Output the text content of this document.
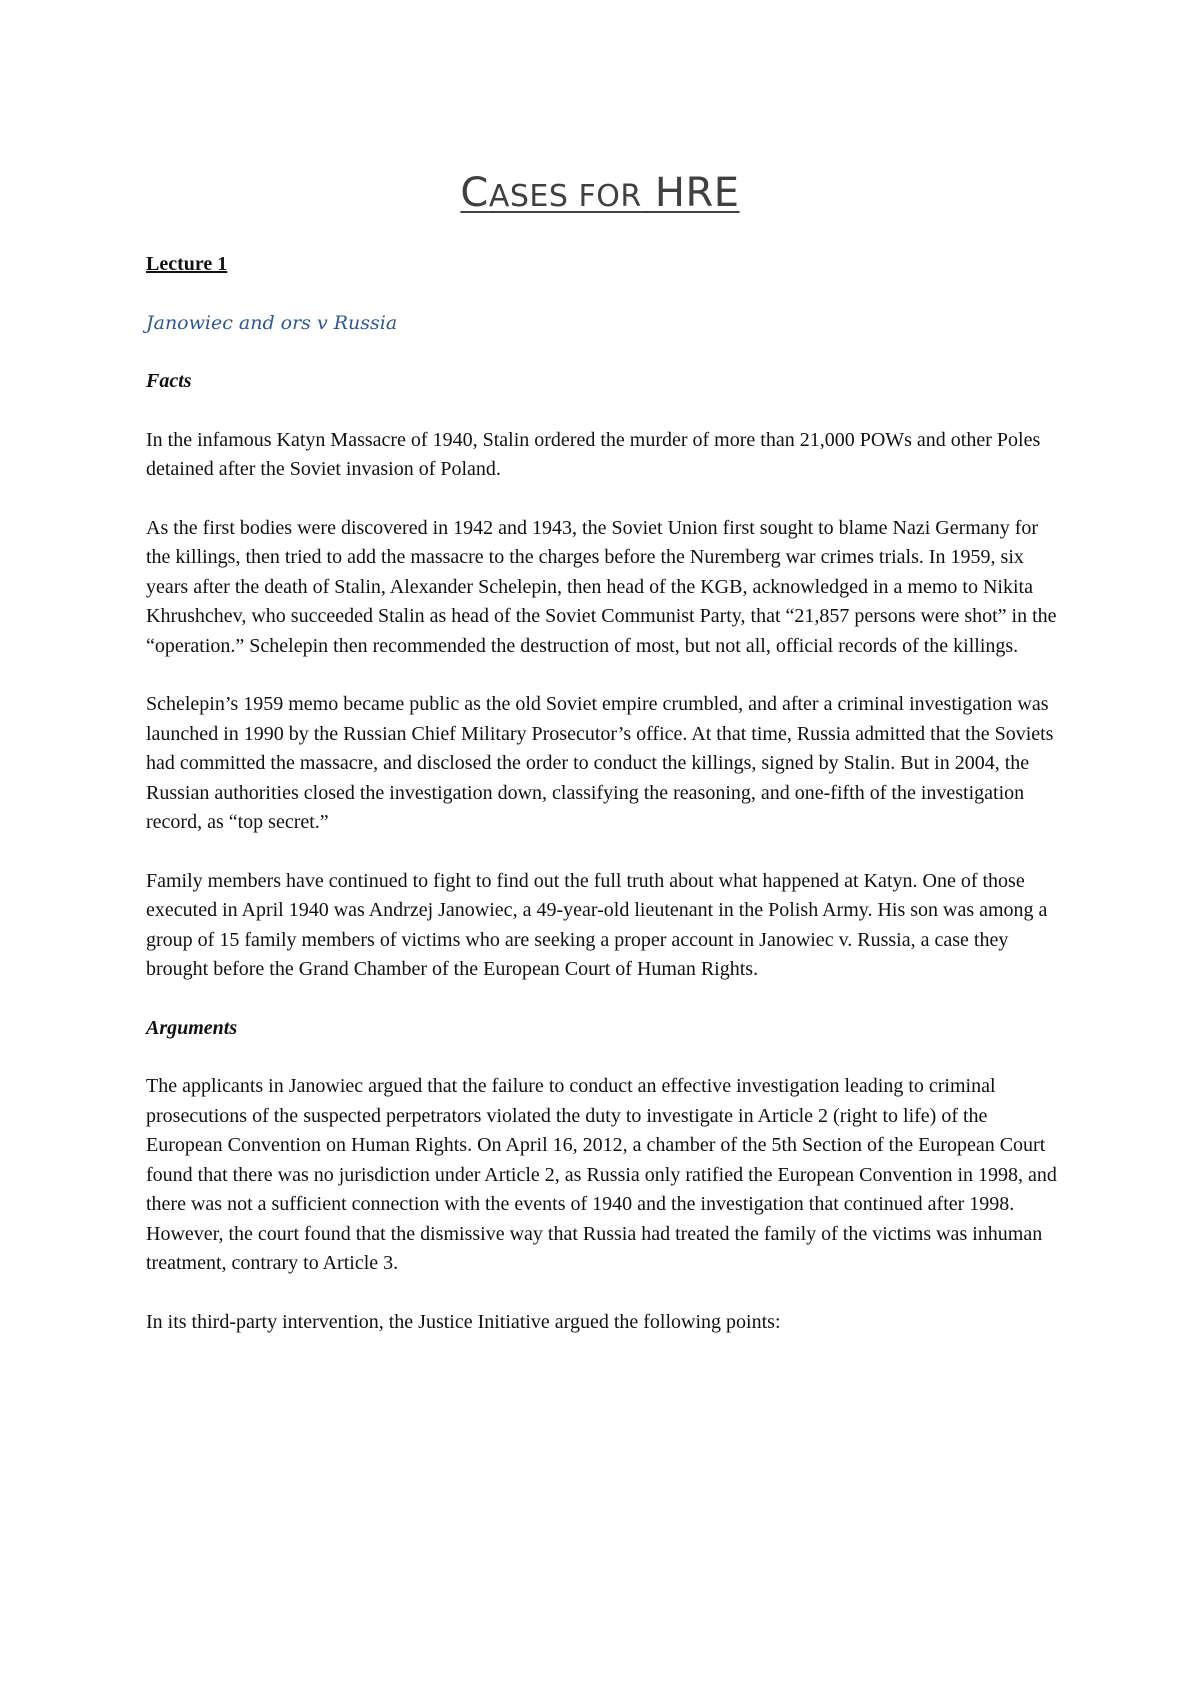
CASES FOR HRE

Lecture 1

Janowiec and ors v Russia

Facts

In the infamous Katyn Massacre of 1940, Stalin ordered the murder of more than 21,000 POWs and other Poles detained after the Soviet invasion of Poland.

As the first bodies were discovered in 1942 and 1943, the Soviet Union first sought to blame Nazi Germany for the killings, then tried to add the massacre to the charges before the Nuremberg war crimes trials. In 1959, six years after the death of Stalin, Alexander Schelepin, then head of the KGB, acknowledged in a memo to Nikita Khrushchev, who succeeded Stalin as head of the Soviet Communist Party, that “21,857 persons were shot” in the “operation.” Schelepin then recommended the destruction of most, but not all, official records of the killings.

Schelepin’s 1959 memo became public as the old Soviet empire crumbled, and after a criminal investigation was launched in 1990 by the Russian Chief Military Prosecutor’s office. At that time, Russia admitted that the Soviets had committed the massacre, and disclosed the order to conduct the killings, signed by Stalin. But in 2004, the Russian authorities closed the investigation down, classifying the reasoning, and one-fifth of the investigation record, as “top secret.”

Family members have continued to fight to find out the full truth about what happened at Katyn. One of those executed in April 1940 was Andrzej Janowiec, a 49-year-old lieutenant in the Polish Army. His son was among a group of 15 family members of victims who are seeking a proper account in Janowiec v. Russia, a case they brought before the Grand Chamber of the European Court of Human Rights.

Arguments

The applicants in Janowiec argued that the failure to conduct an effective investigation leading to criminal prosecutions of the suspected perpetrators violated the duty to investigate in Article 2 (right to life) of the European Convention on Human Rights. On April 16, 2012, a chamber of the 5th Section of the European Court found that there was no jurisdiction under Article 2, as Russia only ratified the European Convention in 1998, and there was not a sufficient connection with the events of 1940 and the investigation that continued after 1998. However, the court found that the dismissive way that Russia had treated the family of the victims was inhuman treatment, contrary to Article 3.

In its third-party intervention, the Justice Initiative argued the following points:
